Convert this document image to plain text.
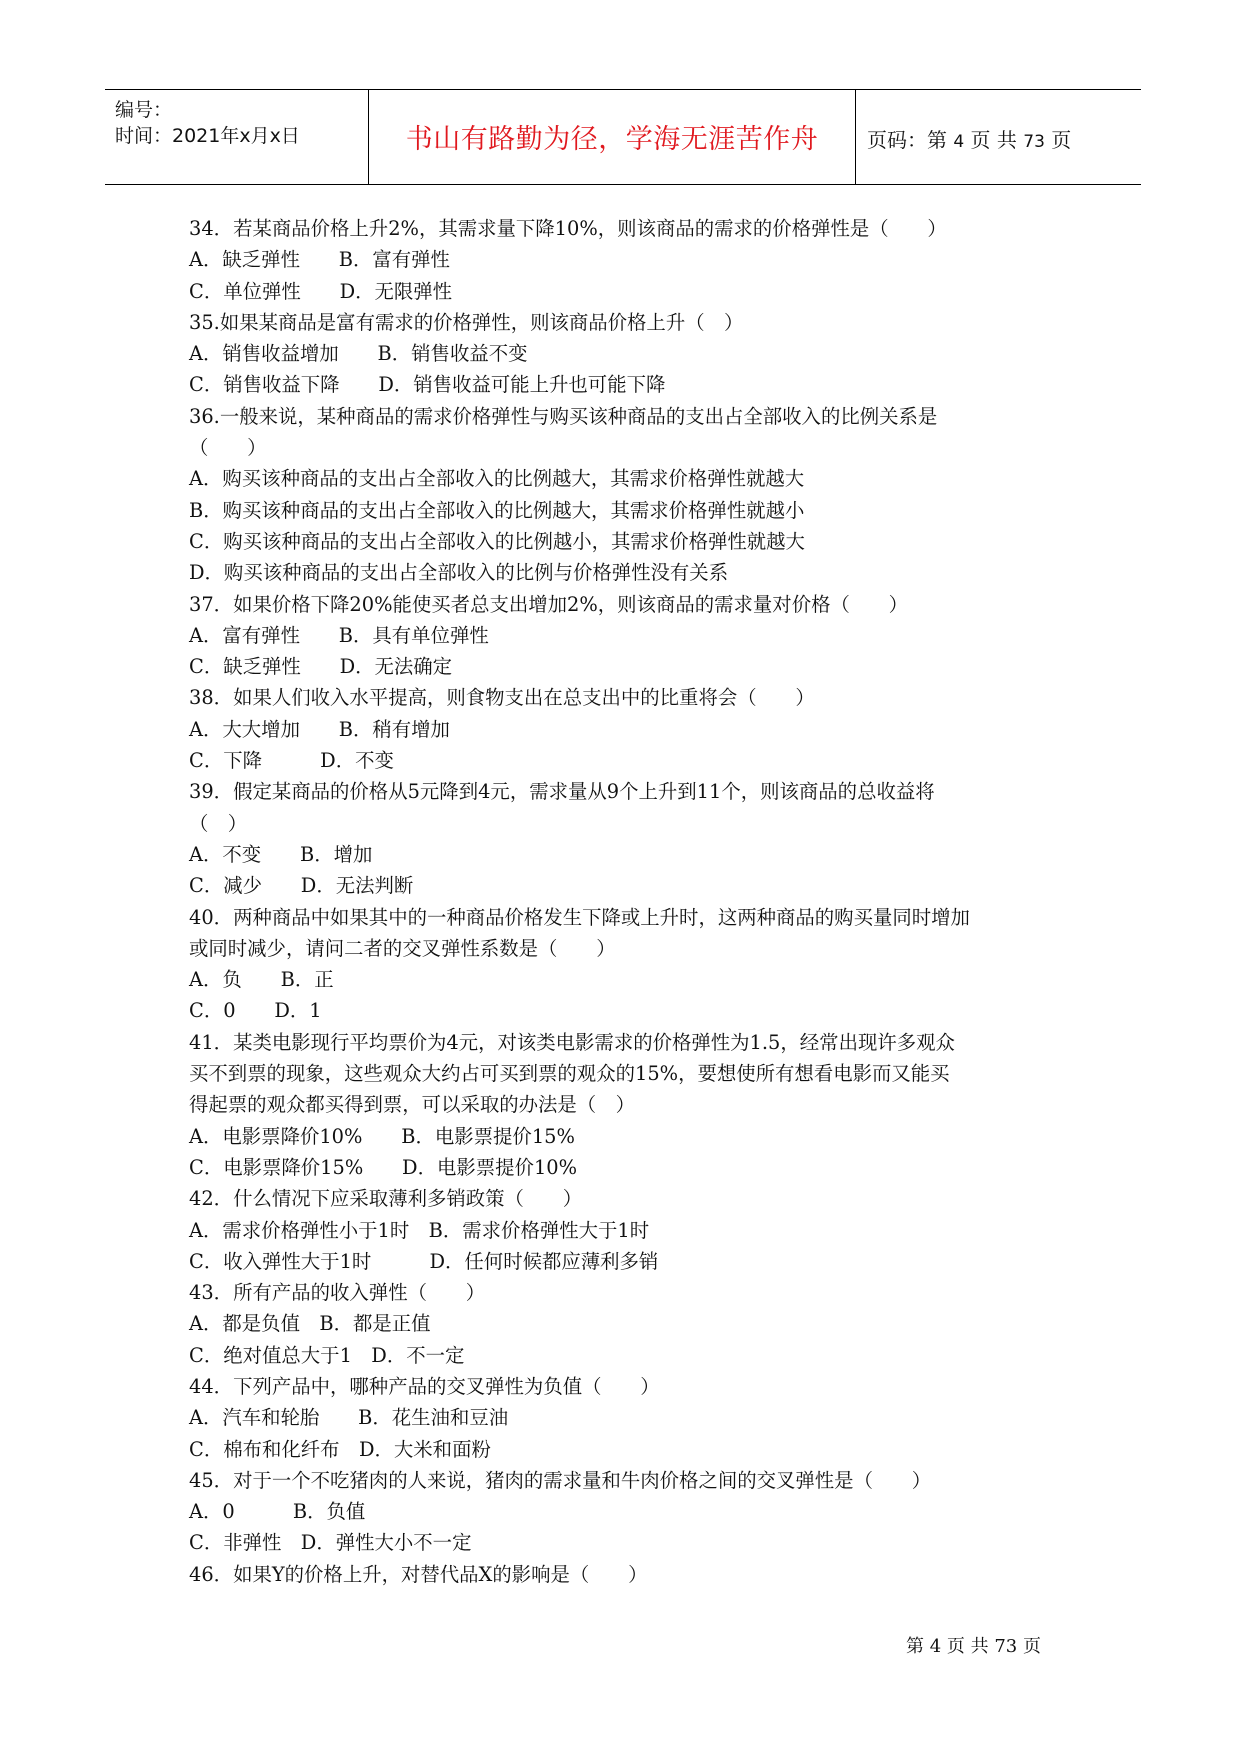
编号：
时间：2021年x月x日	书山有路勤为径，学海无涯苦作舟	页码：第 4 页 共 73 页
34．若某商品价格上升2%，其需求量下降10%，则该商品的需求的价格弹性是（　　）
A．缺乏弹性　　B．富有弹性
C．单位弹性　　D．无限弹性
35.如果某商品是富有需求的价格弹性，则该商品价格上升（　）
A．销售收益增加　　B．销售收益不变
C．销售收益下降　　D．销售收益可能上升也可能下降
36.一般来说，某种商品的需求价格弹性与购买该种商品的支出占全部收入的比例关系是
（　　）
A．购买该种商品的支出占全部收入的比例越大，其需求价格弹性就越大
B．购买该种商品的支出占全部收入的比例越大，其需求价格弹性就越小
C．购买该种商品的支出占全部收入的比例越小，其需求价格弹性就越大
D．购买该种商品的支出占全部收入的比例与价格弹性没有关系
37．如果价格下降20%能使买者总支出增加2%，则该商品的需求量对价格（　　）
A．富有弹性　　B．具有单位弹性
C．缺乏弹性　　D．无法确定
38．如果人们收入水平提高，则食物支出在总支出中的比重将会（　　）
A．大大增加　　B．稍有增加
C．下降　　　D．不变
39．假定某商品的价格从5元降到4元，需求量从9个上升到11个，则该商品的总收益将
（　）
A．不变　　B．增加
C．减少　　D．无法判断
40．两种商品中如果其中的一种商品价格发生下降或上升时，这两种商品的购买量同时增加
或同时减少，请问二者的交叉弹性系数是（　　）
A．负　　B．正
C．0　　D．1
41．某类电影现行平均票价为4元，对该类电影需求的价格弹性为1.5，经常出现许多观众
买不到票的现象，这些观众大约占可买到票的观众的15%，要想使所有想看电影而又能买
得起票的观众都买得到票，可以采取的办法是（　）
A．电影票降价10%　　B．电影票提价15%
C．电影票降价15%　　D．电影票提价10%
42．什么情况下应采取薄利多销政策（　　）
A．需求价格弹性小于1时　B．需求价格弹性大于1时
C．收入弹性大于1时　　　D．任何时候都应薄利多销
43．所有产品的收入弹性（　　）
A．都是负值　B．都是正值
C．绝对值总大于1　D．不一定
44．下列产品中，哪种产品的交叉弹性为负值（　　）
A．汽车和轮胎　　B．花生油和豆油
C．棉布和化纤布　D．大米和面粉
45．对于一个不吃猪肉的人来说，猪肉的需求量和牛肉价格之间的交叉弹性是（　　）
A．0　　　B．负值
C．非弹性　D．弹性大小不一定
46．如果Y的价格上升，对替代品X的影响是（　　）
第 4 页 共 73 页
